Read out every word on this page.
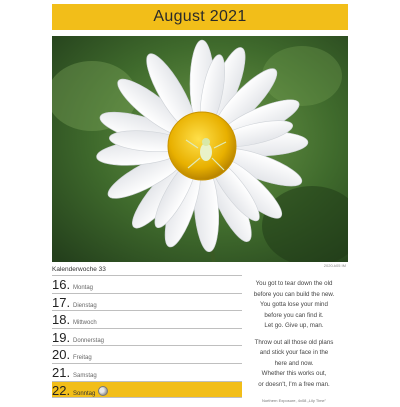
August 2021
2020-k05 IM
Kalenderwoche 33
16. Montag
17. Dienstag
18. Mittwoch
19. Donnerstag
20. Freitag
21. Samstag
22. Sonntag
You got to tear down the old
before you can build the new.
You gotta lose your mind
before you can find it.
Let go. Give up, man.
Throw out all those old plans
and stick your face in the
here and now.
Whether this works out,
or doesn't, I'm a free man.
Northern Exposure, 4x08 „Lily Time"
